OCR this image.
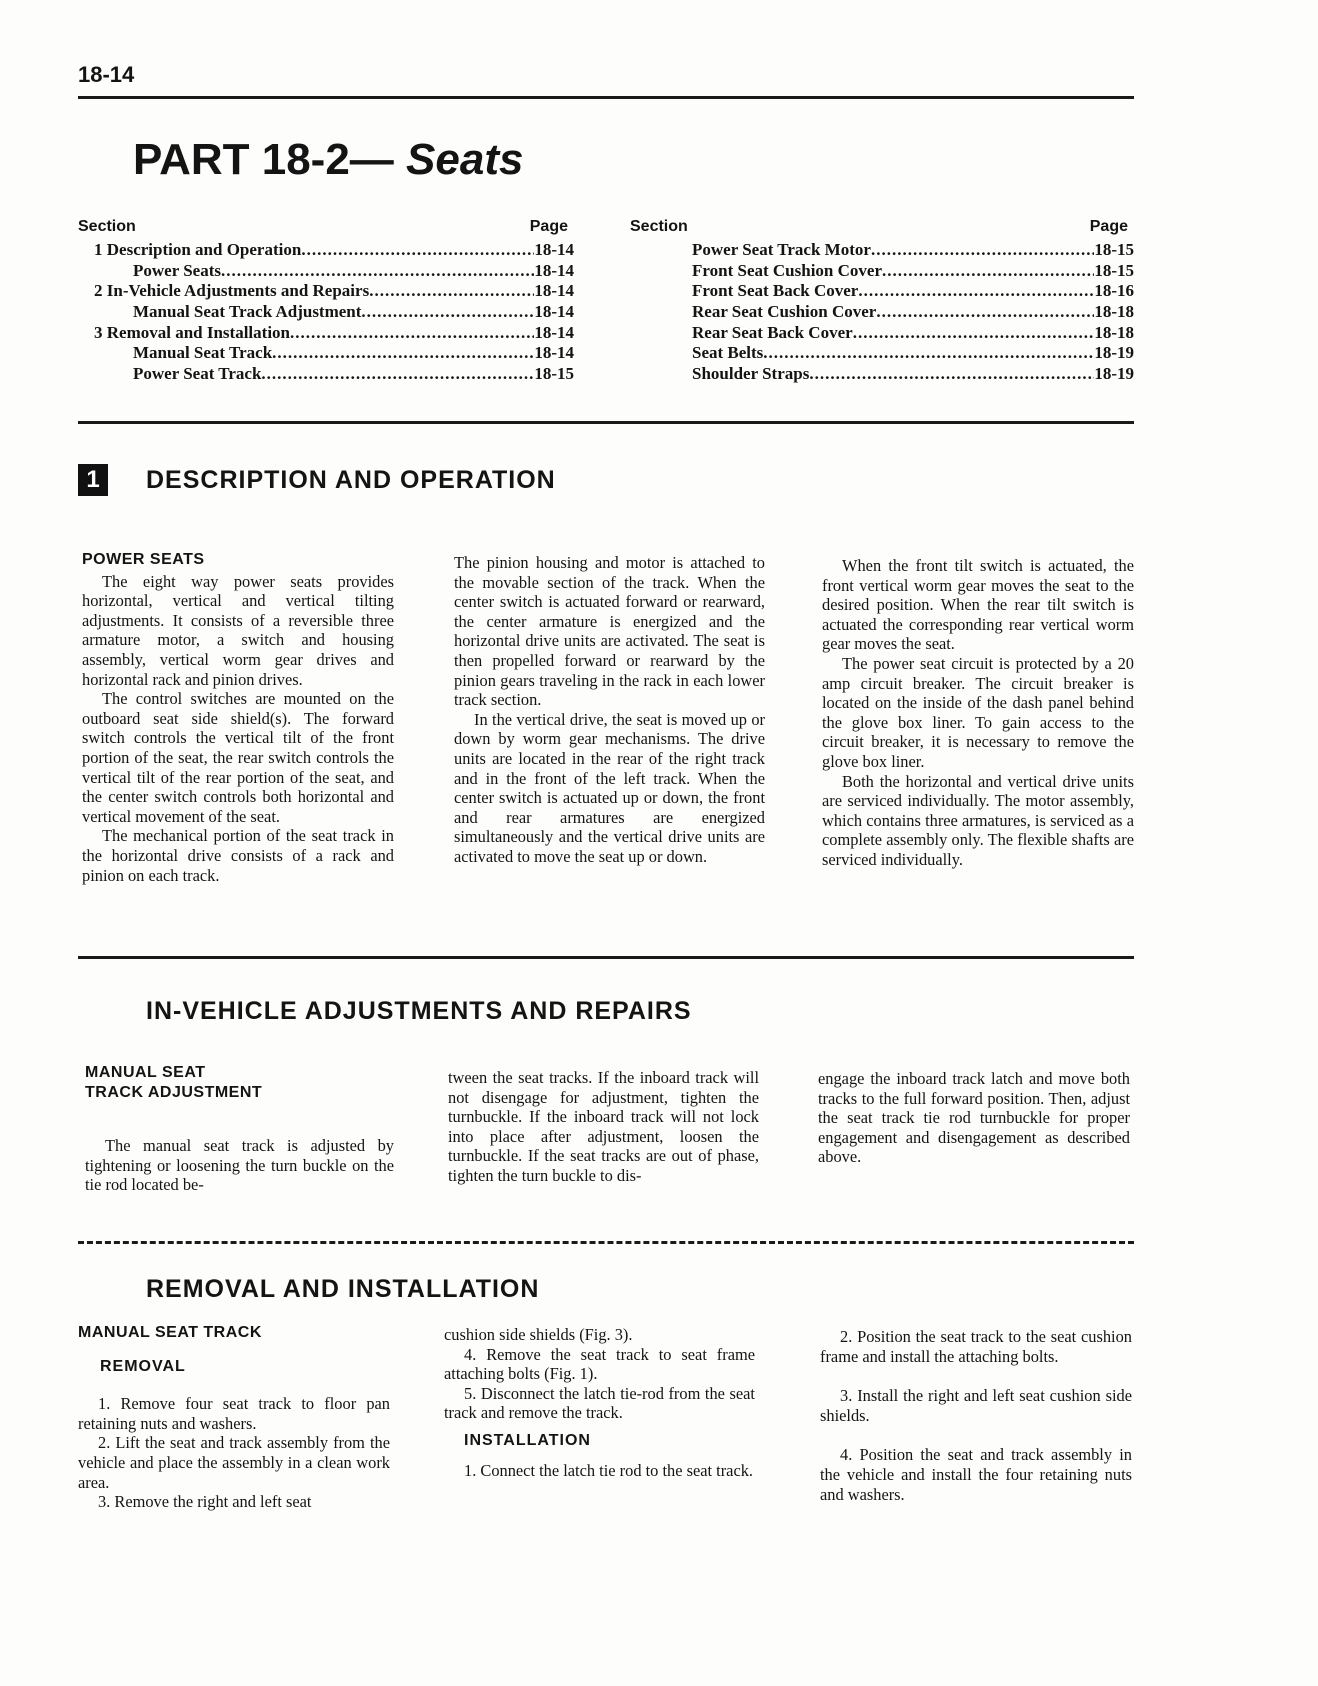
18-14
PART 18-2— Seats
Section	Page
1 Description and Operation .....	18-14
Power Seats .....	18-14
2 In-Vehicle Adjustments and Repairs .....	18-14
Manual Seat Track Adjustment .....	18-14
3 Removal and Installation .....	18-14
Manual Seat Track .....	18-14
Power Seat Track .....	18-15
Section	Page
Power Seat Track Motor .....	18-15
Front Seat Cushion Cover .....	18-15
Front Seat Back Cover .....	18-16
Rear Seat Cushion Cover .....	18-18
Rear Seat Back Cover .....	18-18
Seat Belts .....	18-19
Shoulder Straps .....	18-19
1	DESCRIPTION AND OPERATION
POWER SEATS

The eight way power seats provides horizontal, vertical and vertical tilting adjustments. It consists of a reversible three armature motor, a switch and housing assembly, vertical worm gear drives and horizontal rack and pinion drives.

The control switches are mounted on the outboard seat side shield(s). The forward switch controls the vertical tilt of the front portion of the seat, the rear switch controls the vertical tilt of the rear portion of the seat, and the center switch controls both horizontal and vertical movement of the seat.

The mechanical portion of the seat track in the horizontal drive consists of a rack and pinion on each track.

The pinion housing and motor is attached to the movable section of the track. When the center switch is actuated forward or rearward, the center armature is energized and the horizontal drive units are activated. The seat is then propelled forward or rearward by the pinion gears traveling in the rack in each lower track section.

In the vertical drive, the seat is moved up or down by worm gear mechanisms. The drive units are located in the rear of the right track and in the front of the left track. When the center switch is actuated up or down, the front and rear armatures are energized simultaneously and the vertical drive units are activated to move the seat up or down.

When the front tilt switch is actuated, the front vertical worm gear moves the seat to the desired position. When the rear tilt switch is actuated the corresponding rear vertical worm gear moves the seat.

The power seat circuit is protected by a 20 amp circuit breaker. The circuit breaker is located on the inside of the dash panel behind the glove box liner. To gain access to the circuit breaker, it is necessary to remove the glove box liner.

Both the horizontal and vertical drive units are serviced individually. The motor assembly, which contains three armatures, is serviced as a complete assembly only. The flexible shafts are serviced individually.

IN-VEHICLE ADJUSTMENTS AND REPAIRS
MANUAL SEAT
TRACK ADJUSTMENT

The manual seat track is adjusted by tightening or loosening the turn buckle on the tie rod located be-

tween the seat tracks. If the inboard track will not disengage for adjustment, tighten the turnbuckle. If the inboard track will not lock into place after adjustment, loosen the turnbuckle. If the seat tracks are out of phase, tighten the turn buckle to dis-

engage the inboard track latch and move both tracks to the full forward position. Then, adjust the seat track tie rod turnbuckle for proper engagement and disengagement as described above.

REMOVAL AND INSTALLATION
MANUAL SEAT TRACK
REMOVAL

1. Remove four seat track to floor pan retaining nuts and washers.

2. Lift the seat and track assembly from the vehicle and place the assembly in a clean work area.

3. Remove the right and left seat

cushion side shields (Fig. 3).

4. Remove the seat track to seat frame attaching bolts (Fig. 1).

5. Disconnect the latch tie-rod from the seat track and remove the track.

INSTALLATION

1. Connect the latch tie rod to the seat track.

2. Position the seat track to the seat cushion frame and install the attaching bolts.

3. Install the right and left seat cushion side shields.

4. Position the seat and track assembly in the vehicle and install the four retaining nuts and washers.
